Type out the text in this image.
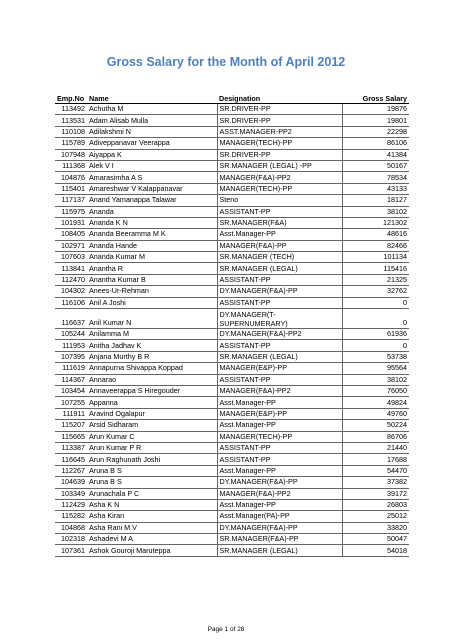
Gross Salary for the Month of April 2012
Emp.No	Name	Designation	Gross Salary
113492	Achutha M	SR.DRIVER-PP	19876
113531	Adam Alisab Mulla	SR.DRIVER-PP	19801
110108	Adilakshmi N	ASST.MANAGER-PP2	22298
115789	Adiveppanavar Veerappa	MANAGER(TECH)-PP	86106
107948	Aiyappa K	SR.DRIVER-PP	41384
111368	Alek V I	SR.MANAGER (LEGAL) -PP	50167
104876	Amarasimha A S	MANAGER(F&A)-PP2	78534
115401	Amareshwar V Kalappanavar	MANAGER(TECH)-PP	43133
117137	Anand Yamanappa Talawar	Steno	18127
115975	Ananda	ASSISTANT-PP	38102
101931	Ananda K N	SR.MANAGER(F&A)	121302
108405	Ananda Beeramma M K	Asst.Manager-PP	48616
102971	Ananda Hande	MANAGER(F&A)-PP	82466
107603	Ananda Kumar M	SR.MANAGER (TECH)	101134
113841	Anantha R	SR.MANAGER (LEGAL)	115416
112470	Anantha Kumar B	ASSISTANT-PP	21325
104302	Anees-Ur-Rehman	DY.MANAGER(F&A)-PP	32762
116106	Anil A Joshi	ASSISTANT-PP	0
116637	Anil Kumar N	DY.MANAGER(T-SUPERNUMERARY)	0
105244	Anilamma M	DY.MANAGER(F&A)-PP2	61936
111953	Anitha Jadhav K	ASSISTANT-PP	0
107395	Anjana Murthy B R	SR.MANAGER (LEGAL)	53738
111619	Annapurna Shivappa Koppad	MANAGER(E&P)-PP	95564
114367	Annarao	ASSISTANT-PP	38102
103454	Annaveerappa S Hiregouder	MANAGER(F&A)-PP2	76050
107255	Appanna	Asst.Manager-PP	49824
111911	Aravind Ogalapur	MANAGER(E&P)-PP	49760
115207	Arsid Sidharam	Asst.Manager-PP	50224
115665	Arun Kumar C	MANAGER(TECH)-PP	86706
113387	Arun Kumar P R	ASSISTANT-PP	21440
116645	Arun Raghunath Joshi	ASSISTANT-PP	17688
112267	Aruna B S	Asst.Manager-PP	54470
104639	Aruna B S	DY.MANAGER(F&A)-PP	37382
103349	Arunachala P C	MANAGER(F&A)-PP2	39172
112429	Asha K N	Asst.Manager-PP	26803
115282	Asha Kiran	Asst.Manager(PA)-PP	25012
104868	Asha Rani M V	DY.MANAGER(F&A)-PP	33820
102318	Ashadevi M A	SR.MANAGER(F&A)-PP	50047
107361	Ashok Gouroji Maruteppa	SR.MANAGER (LEGAL)	54018
Page 1 of 28
